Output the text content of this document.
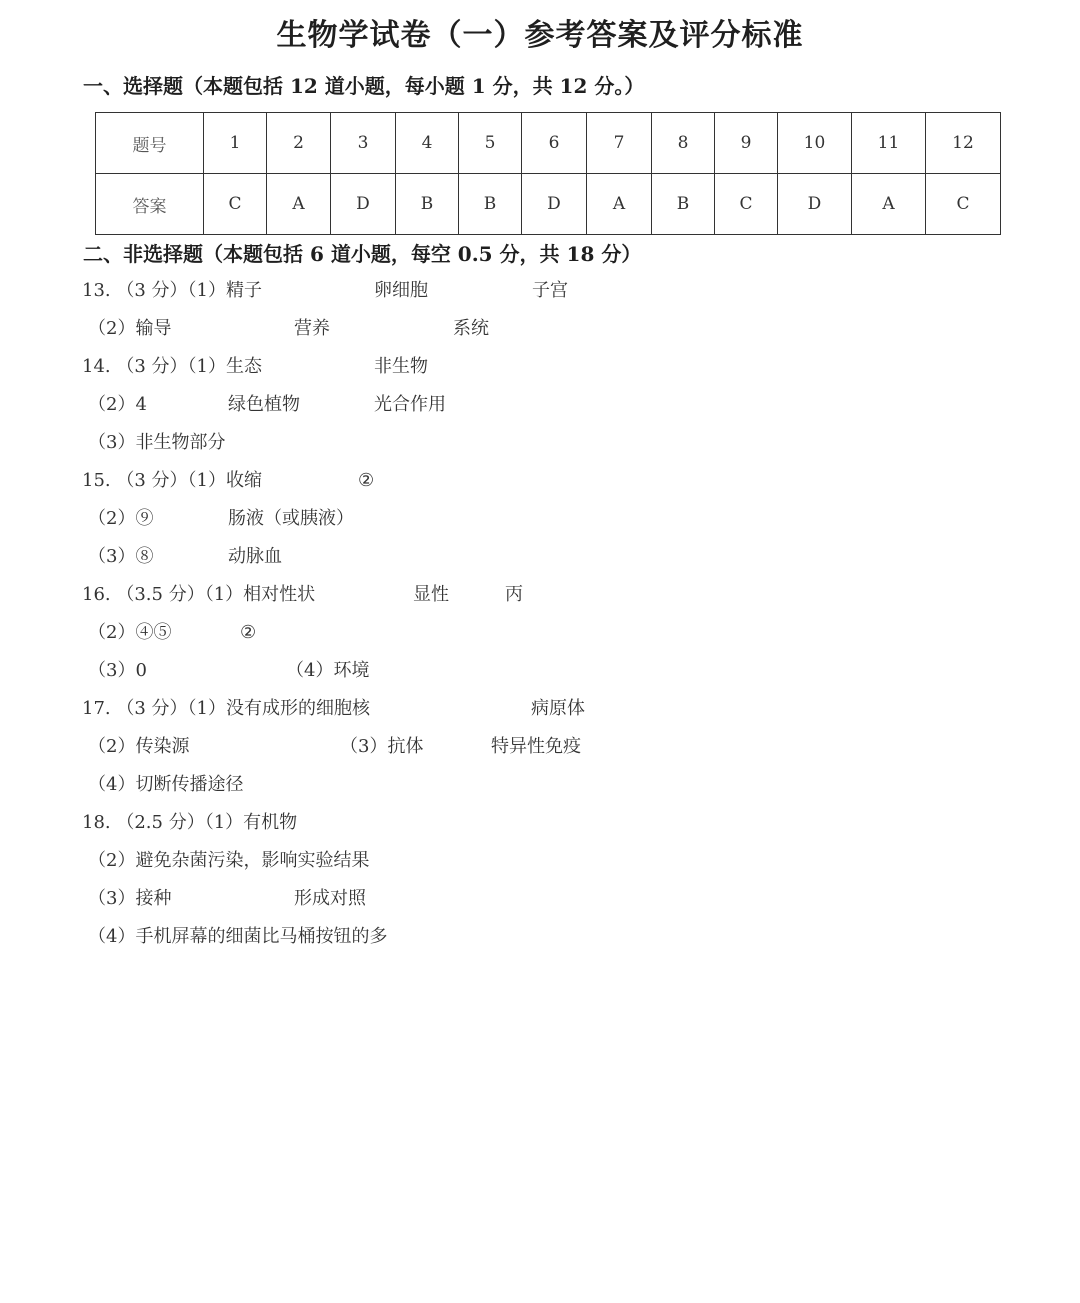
生物学试卷（一）参考答案及评分标准
一、选择题（本题包括 12 道小题，每小题 1 分，共 12 分。）
题号	1	2	3	4	5	6	7	8	9	10	11	12
答案	C	A	D	B	B	D	A	B	C	D	A	C
二、非选择题（本题包括 6 道小题，每空 0.5 分，共 18 分）
13. （3 分）（1）精子	卵细胞	子宫
（2）输导	营养	系统
14. （3 分）（1）生态	非生物
（2）4	绿色植物	光合作用
（3）非生物部分
15. （3 分）（1）收缩	②
（2）⑨	肠液（或胰液）
（3）⑧	动脉血
16. （3.5 分）（1）相对性状	显性	丙
（2）④⑤	②
（3）0	（4）环境
17. （3 分）（1）没有成形的细胞核	病原体
（2）传染源	（3）抗体	特异性免疫
（4）切断传播途径
18. （2.5 分）（1）有机物
（2）避免杂菌污染，影响实验结果
（3）接种	形成对照
（4）手机屏幕的细菌比马桶按钮的多
